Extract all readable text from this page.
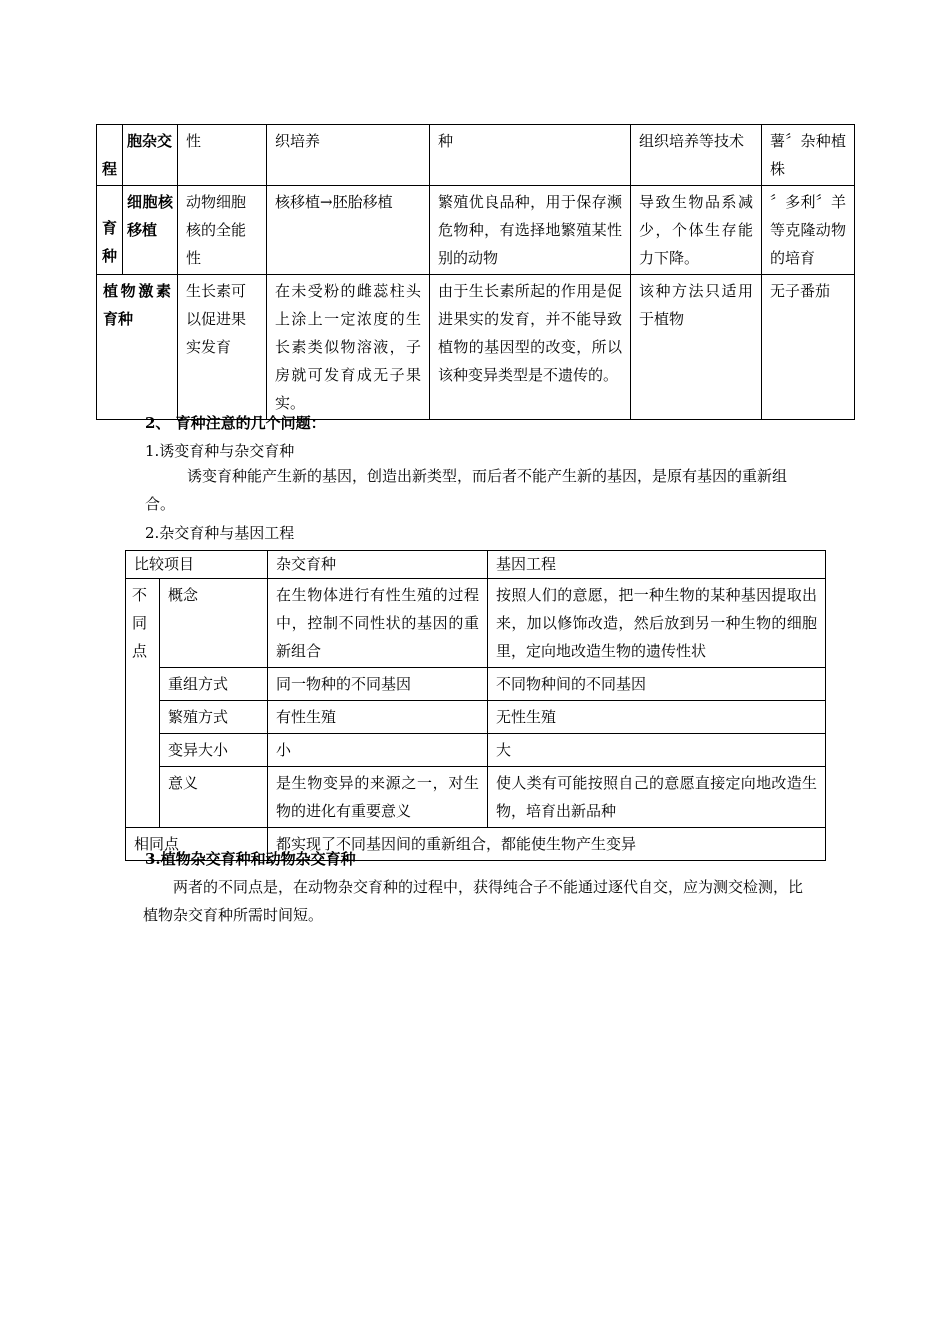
程	胞杂交	性	织培养	种	组织培养等技术	薯〞杂种植株
育种	细胞核移植	动物细胞核的全能性	核移植→胚胎移植	繁殖优良品种，用于保存濒危物种，有选择地繁殖某性别的动物	导致生物品系减少，个体生存能力下降。	〞多利〞羊等克隆动物的培育
植物激素育种		生长素可以促进果实发育	在未受粉的雌蕊柱头上涂上一定浓度的生长素类似物溶液，子房就可发育成无子果实。	由于生长素所起的作用是促进果实的发育，并不能导致植物的基因型的改变，所以该种变异类型是不遗传的。	该种方法只适用于植物	无子番茄
2、 育种注意的几个问题：
1.诱变育种与杂交育种
诱变育种能产生新的基因，创造出新类型，而后者不能产生新的基因，是原有基因的重新组合。
2.杂交育种与基因工程
比较项目		杂交育种	基因工程
不同点	概念	在生物体进行有性生殖的过程中，控制不同性状的基因的重新组合	按照人们的意愿，把一种生物的某种基因提取出来，加以修饰改造，然后放到另一种生物的细胞里，定向地改造生物的遗传性状
	重组方式	同一物种的不同基因	不同物种间的不同基因
	繁殖方式	有性生殖	无性生殖
	变异大小	小	大
	意义	是生物变异的来源之一，对生物的进化有重要意义	使人类有可能按照自己的意愿直接定向地改造生物，培育出新品种
相同点		都实现了不同基因间的重新组合，都能使生物产生变异	
3.植物杂交育种和动物杂交育种
两者的不同点是，在动物杂交育种的过程中，获得纯合子不能通过逐代自交，应为测交检测，比植物杂交育种所需时间短。
